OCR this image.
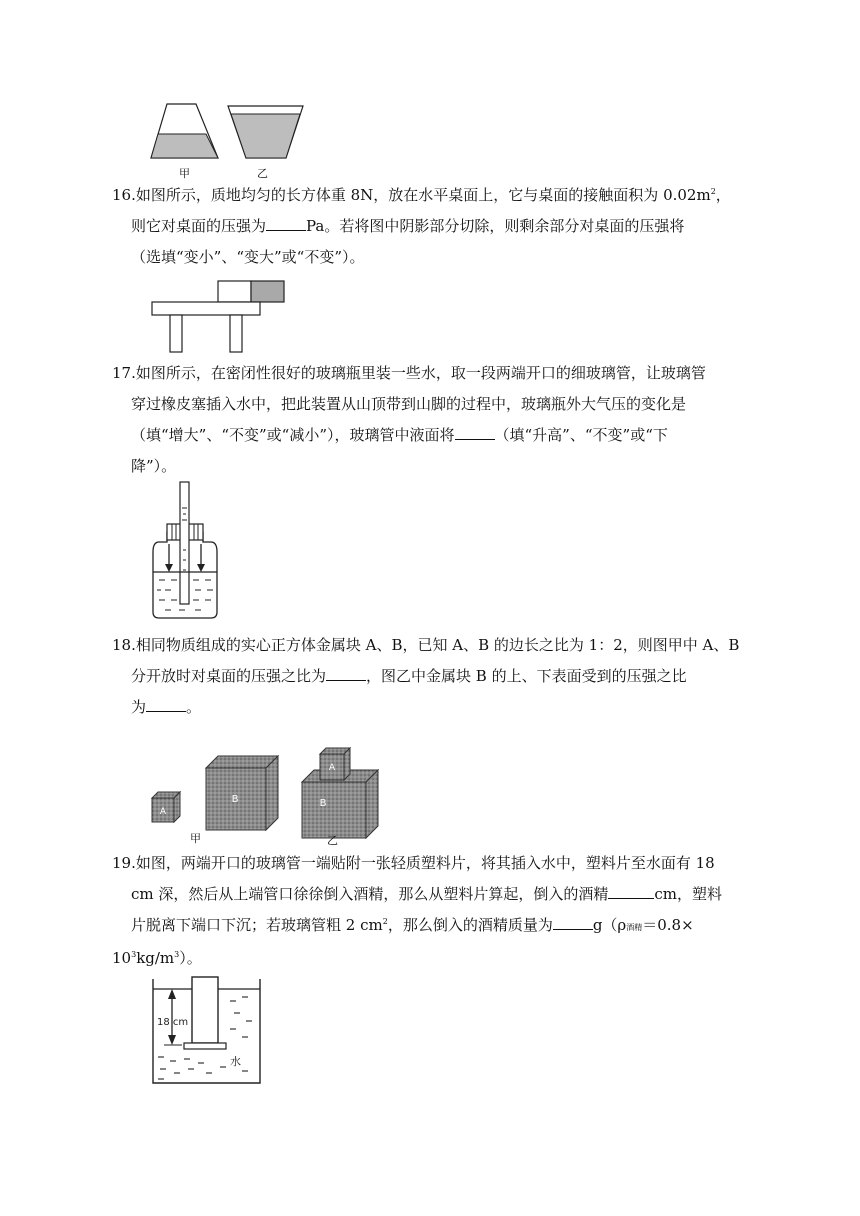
甲	乙
16.如图所示，质地均匀的长方体重 8N，放在水平桌面上，它与桌面的接触面积为 $0.02m^2$，
则它对桌面的压强为	Pa。若将图中阴影部分切除，则剩余部分对桌面的压强将
（选填“变小”、“变大”或“不变”）。
17.如图所示，在密闭性很好的玻璃瓶里装一些水，取一段两端开口的细玻璃管，让玻璃管
穿过橡皮塞插入水中，把此装置从山顶带到山脚的过程中，玻璃瓶外大气压的变化是
（填“增大”、“不变”或“减小”），玻璃管中液面将	（填“升高”、“不变”或“下
降”）。
18.相同物质组成的实心正方体金属块 A、B，已知 A、B 的边长之比为 1：2，则图甲中 A、B
分开放时对桌面的压强之比为	，图乙中金属块 B 的上、下表面受到的压强之比
为	。
A
B
A
B
甲	乙
19.如图，两端开口的玻璃管一端贴附一张轻质塑料片，将其插入水中，塑料片至水面有 18
cm 深，然后从上端管口徐徐倒入酒精，那么从塑料片算起，倒入的酒精	cm，塑料
片脱离下端口下沉；若玻璃管粗 2 $cm^2$，那么倒入的酒精质量为	g（ρ酒精＝0.8×
$10^3kg/m^3$）。
18 cm
水
